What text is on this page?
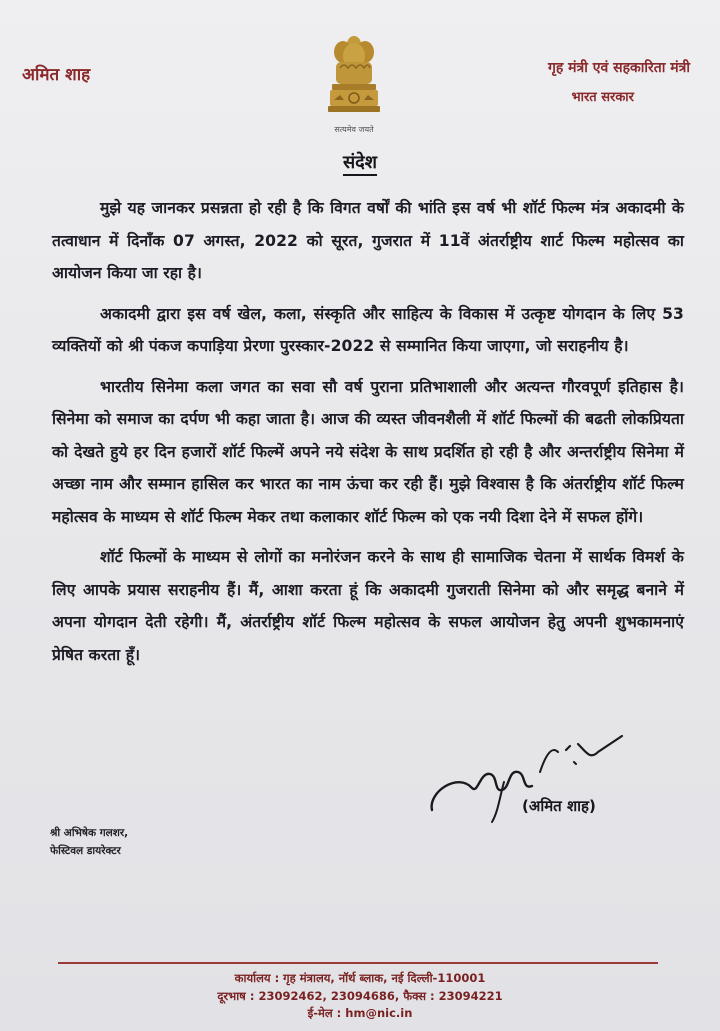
अमित शाह
सत्यमेव जयते
गृह मंत्री एवं सहकारिता मंत्री
भारत सरकार
संदेश

मुझे यह जानकर प्रसन्नता हो रही है कि विगत वर्षों की भांति इस वर्ष भी शॉर्ट फिल्म मंत्र अकादमी के तत्वाधान में दिनाँक 07 अगस्त, 2022 को सूरत, गुजरात में 11वें अंतर्राष्ट्रीय शार्ट फिल्म महोत्सव का आयोजन किया जा रहा है।

अकादमी द्वारा इस वर्ष खेल, कला, संस्कृति और साहित्य के विकास में उत्कृष्ट योगदान के लिए 53 व्यक्तियों को श्री पंकज कपाड़िया प्रेरणा पुरस्कार-2022 से सम्मानित किया जाएगा, जो सराहनीय है।

भारतीय सिनेमा कला जगत का सवा सौ वर्ष पुराना प्रतिभाशाली और अत्यन्त गौरवपूर्ण इतिहास है। सिनेमा को समाज का दर्पण भी कहा जाता है। आज की व्यस्त जीवनशैली में शॉर्ट फिल्मों की बढती लोकप्रियता को देखते हुये हर दिन हजारों शॉर्ट फिल्में अपने नये संदेश के साथ प्रदर्शित हो रही है और अन्तर्राष्ट्रीय सिनेमा में अच्छा नाम और सम्मान हासिल कर भारत का नाम ऊंचा कर रही हैं। मुझे विश्वास है कि अंतर्राष्ट्रीय शॉर्ट फिल्म महोत्सव के माध्यम से शॉर्ट फिल्म मेकर तथा कलाकार शॉर्ट फिल्म को एक नयी दिशा देने में सफल होंगे।

शॉर्ट फिल्मों के माध्यम से लोगों का मनोरंजन करने के साथ ही सामाजिक चेतना में सार्थक विमर्श के लिए आपके प्रयास सराहनीय हैं। मैं, आशा करता हूं कि अकादमी गुजराती सिनेमा को और समृद्ध बनाने में अपना योगदान देती रहेगी। मैं, अंतर्राष्ट्रीय शॉर्ट फिल्म महोत्सव के सफल आयोजन हेतु अपनी शुभकामनाएं प्रेषित करता हूँ।

(अमित शाह)
श्री अभिषेक गलशर,
फेस्टिवल डायरेक्टर
कार्यालय : गृह मंत्रालय, नॉर्थ ब्लाक, नई दिल्ली-110001
दूरभाष : 23092462, 23094686, फैक्स : 23094221
ई-मेल : hm@nic.in
